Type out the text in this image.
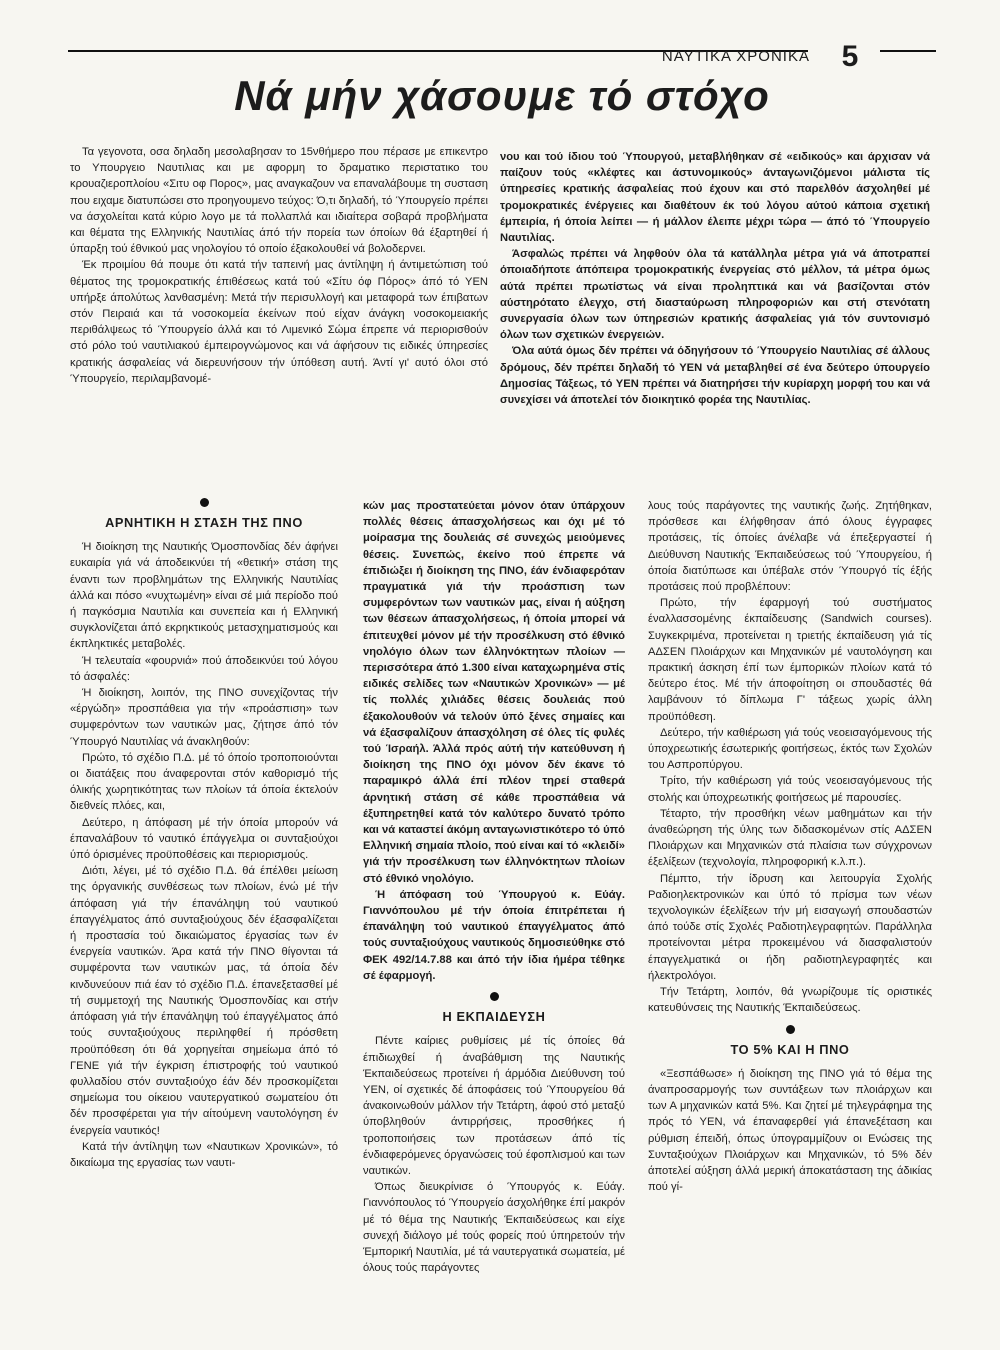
ΝΑΥΤΙΚΑ ΧΡΟΝΙΚΑ	5
Νά μήν χάσουμε τό στόχο

Τα γεγονοτα, οσα δηλαδη μεσολαβησαν το 15νθήμερο που πέρασε με επικεντρο το Υπουργειο Ναυτιλιας και με αφορμη το δραματικο περιστατικο του κρουαζιεροπλοίου «Σιτυ οφ Πορος», μας αναγκαζουν να επαναλάβουμε τη συσταση που ειχαμε διατυπώσει στο προηγουμενο τεύχος: Ό,τι δηλαδή, τό Ύπουργείο πρέπει να άσχολείται κατά κύριο λογο με τά πολλαπλά και ιδιαίτερα σοβαρά προβλήματα και θέματα της Ελληνικής Ναυτιλίας άπό τήν πορεία των όποίων θά έξαρτηθεί ή ύπαρξη τού έθνικού μας νηολογίου τό οποίο έξακολουθεί νά βολοδερνει.

Έκ προιμίου θά πουμε ότι κατά τήν ταπεινή μας άντίληψη ή άντιμετώπιση τού θέματος της τρομοκρατικής έπιθέσεως κατά τού «Σίτυ όφ Πόρος» άπό τό ΥΕΝ υπήρξε άπολύτως λανθασμένη: Μετά τήν περισυλλογή και μεταφορά των έπιβατων στόν Πειραιά και τά νοσοκομεία έκείνων πού είχαν άνάγκη νοσοκομειακής περιθάλψεως τό Ύπουργείο άλλά και τό Λιμενικό Σώμα έπρεπε νά περιορισθούν στό ρόλο τού ναυτιλιακού έμπειρογνώμονος και νά άφήσουν τις ειδικές ύπηρεσίες κρατικής άσφαλείας νά διερευνήσουν τήν ύπόθεση αυτή. Άντί γι' αυτό όλοι στό Ύπουργείο, περιλαμβανομέ-

νου και τού ίδιου τού Ύπουργού, μεταβλήθηκαν σέ «ειδικούς» και άρχισαν νά παίζουν τούς «κλέφτες και άστυνομικούς» άνταγωνιζόμενοι μάλιστα τίς ύπηρεσίες κρατικής άσφαλείας πού έχουν και στό παρελθόν άσχοληθεί μέ τρομοκρατικές ένέργειες και διαθέτουν έκ τού λόγου αύτού κάποια σχετική έμπειρία, ή όποία λείπει — ή μάλλον έλειπε μέχρι τώρα — άπό τό Ύπουργείο Ναυτιλίας.

Άσφαλώς πρέπει νά ληφθούν όλα τά κατάλληλα μέτρα γιά νά άποτραπεί όποιαδήποτε άπόπειρα τρομοκρατικής ένεργείας στό μέλλον, τά μέτρα όμως αύτά πρέπει πρωτίστως νά είναι προληπτικά και νά βασίζονται στόν αύστηρότατο έλεγχο, στή διασταύρωση πληροφοριών και στή στενότατη συνεργασία όλων των ύπηρεσιών κρατικής άσφαλείας γιά τόν συντονισμό όλων των σχετικών ένεργειών.

Όλα αύτά όμως δέν πρέπει νά όδηγήσουν τό Ύπουργείο Ναυτιλίας σέ άλλους δρόμους, δέν πρέπει δηλαδή τό ΥΕΝ νά μεταβληθεί σέ ένα δεύτερο ύπουργείο Δημοσίας Τάξεως, τό ΥΕΝ πρέπει νά διατηρήσει τήν κυρίαρχη μορφή του και νά συνεχίσει νά άποτελεί τόν διοικητικό φορέα της Ναυτιλίας.

ΑΡΝΗΤΙΚΗ Η ΣΤΑΣΗ ΤΗΣ ΠΝΟ

Ή διοίκηση της Ναυτικής Όμοσπονδίας δέν άφήνει ευκαιρία γιά νά άποδεικνύει τή «θετική» στάση της έναντι των προβλημάτων της Ελληνικής Ναυτιλίας άλλά και πόσο «νυχτωμένη» είναι σέ μιά περίοδο πού ή παγκόσμια Ναυτιλία και συνεπεία και ή Ελληνική συγκλονίζεται άπό εκρηκτικούς μετασχηματισμούς και έκπληκτικές μεταβολές.

Ή τελευταία «φουρνιά» πού άποδεικνύει τού λόγου τό άσφαλές:

Ή διοίκηση, λοιπόν, της ΠΝΟ συνεχίζοντας τήν «έργώδη» προσπάθεια για τήν «προάσπιση» των συμφερόντων των ναυτικών μας, ζήτησε άπό τόν Ύπουργό Ναυτιλίας νά άνακληθούν:

Πρώτο, τό σχέδιο Π.Δ. μέ τό όποίο τροποποιούνται οι διατάξεις που άναφερονται στόν καθορισμό τής όλικής χωρητικότητας των πλοίων τά όποία έκτελούν διεθνείς πλόες, και,

Δεύτερο, η άπόφαση μέ τήν όποία μπορούν νά έπαναλάβουν τό ναυτικό έπάγγελμα οι συνταξιούχοι ύπό όρισμένες προϋποθέσεις και περιορισμούς.

Διότι, λέγει, μέ τό σχέδιο Π.Δ. θά έπέλθει μείωση της όργανικής συνθέσεως των πλοίων, ένώ μέ τήν άπόφαση γιά τήν έπανάληψη τού ναυτικού έπαγγέλματος άπό συνταξιούχους δέν έξασφαλίζεται ή προστασία τού δικαιώματος έργασίας των έν ένεργεία ναυτικών. Άρα κατά τήν ΠΝΟ θίγονται τά συμφέροντα των ναυτικών μας, τά όποία δέν κινδυνεύουν πιά έαν τό σχέδιο Π.Δ. έπανεξετασθεί μέ τή συμμετοχή της Ναυτικής Όμοσπονδίας και στήν άπόφαση γιά τήν έπανάληψη τού έπαγγέλματος άπό τούς συνταξιούχους περιληφθεί ή πρόσθετη προϋπόθεση ότι θά χορηγείται σημείωμα άπό τό ΓΕΝΕ γιά τήν έγκριση έπιστροφής τού ναυτικού φυλλαδίου στόν συνταξιούχο έάν δέν προσκομίζεται σημείωμα του οίκειου ναυτεργατικού σωματείου ότι δέν προσφέρεται για τήν αίτούμενη ναυτολόγηση έν ένεργεία ναυτικός!

Κατά τήν άντίληψη των «Ναυτικων Χρονικών», τό δικαίωμα της εργασίας των ναυτι-

κών μας προστατεύεται μόνον όταν ύπάρχουν πολλές θέσεις άπασχολήσεως και όχι μέ τό μοίρασμα της δουλειάς σέ συνεχώς μειούμενες θέσεις. Συνεπώς, έκείνο πού έπρεπε νά έπιδιώξει ή διοίκηση της ΠΝΟ, έάν ένδιαφερόταν πραγματικά γιά τήν προάσπιση των συμφερόντων των ναυτικών μας, είναι ή αύξηση των θέσεων άπασχολήσεως, ή όποία μπορεί νά έπιτευχθεί μόνον μέ τήν προσέλκυση στό έθνικό νηολόγιο όλων των έλληνόκτητων πλοίων — περισσότερα άπό 1.300 είναι καταχωρημένα στίς ειδικές σελίδες των «Ναυτικών Χρονικών» — μέ τίς πολλές χιλιάδες θέσεις δουλειάς πού έξακολουθούν νά τελούν ύπό ξένες σημαίες και νά έξασφαλίζουν άπασχόληση σέ όλες τίς φυλές τού Ίσραήλ. Άλλά πρός αύτή τήν κατεύθυνση ή διοίκηση της ΠΝΟ όχι μόνον δέν έκανε τό παραμικρό άλλά έπί πλέον τηρεί σταθερά άρνητική στάση σέ κάθε προσπάθεια νά έξυπηρετηθεί κατά τόν καλύτερο δυνατό τρόπο και νά καταστεί άκόμη ανταγωνιστικότερο τό ύπό Ελληνική σημαία πλοίο, πού είναι καί τό «κλειδί» γιά τήν προσέλκυση των έλληνόκτητων πλοίων στό έθνικό νηολόγιο.

Ή άπόφαση τού Ύπουργού κ. Εύάγ. Γιαννόπουλου μέ τήν όποία έπιτρέπεται ή έπανάληψη τού ναυτικού έπαγγέλματος άπό τούς συνταξιούχους ναυτικούς δημοσιεύθηκε στό ΦΕΚ 492/14.7.88 και άπό τήν ίδια ήμέρα τέθηκε σέ έφαρμογή.

Η ΕΚΠΑΙΔΕΥΣΗ

Πέντε καίριες ρυθμίσεις μέ τίς όποίες θά έπιδιωχθεί ή άναβάθμιση της Ναυτικής Έκπαιδεύσεως προτείνει ή άρμόδια Διεύθυνση τού ΥΕΝ, οί σχετικές δέ άποφάσεις τού Ύπουργείου θά άνακοινωθούν μάλλον τήν Τετάρτη, άφού στό μεταξύ ύποβληθούν άντιρρήσεις, προσθήκες ή τροποποιήσεις των προτάσεων άπό τίς ένδιαφερόμενες όργανώσεις τού έφοπλισμού και των ναυτικών.

Όπως διευκρίνισε ό Ύπουργός κ. Εύάγ. Γιαννόπουλος τό Ύπουργείο άσχολήθηκε έπί μακρόν μέ τό θέμα της Ναυτικής Έκπαιδεύσεως και είχε συνεχή διάλογο μέ τούς φορείς πού ύπηρετούν τήν Έμπορική Ναυτιλία, μέ τά ναυτεργατικά σωματεία, μέ όλους τούς παράγοντες

λους τούς παράγοντες της ναυτικής ζωής. Ζητήθηκαν, πρόσθεσε και έλήφθησαν άπό όλους έγγραφες προτάσεις, τίς όποίες άνέλαβε νά έπεξεργαστεί ή Διεύθυνση Ναυτικής Έκπαιδεύσεως τού Ύπουργείου, ή όποία διατύπωσε και ύπέβαλε στόν Ύπουργό τίς έξής προτάσεις πού προβλέπουν:

Πρώτο, τήν έφαρμογή τού συστήματος έναλλασσομένης έκπαίδευσης (Sandwich courses). Συγκεκριμένα, προτείνεται η τριετής έκπαίδευση γιά τίς ΑΔΣΕΝ Πλοιάρχων και Μηχανικών μέ ναυτολόγηση και πρακτική άσκηση έπί των έμπορικών πλοίων κατά τό δεύτερο έτος. Μέ τήν άποφοίτηση οι σπουδαστές θά λαμβάνουν τό δίπλωμα Γ' τάξεως χωρίς άλλη προϋπόθεση.

Δεύτερο, τήν καθιέρωση γιά τούς νεοεισαγόμενους τής ύποχρεωτικής έσωτερικής φοιτήσεως, έκτός των Σχολών του Ασπροπύργου.

Τρίτο, τήν καθιέρωση γιά τούς νεοεισαγόμενους τής στολής και ύποχρεωτικής φοιτήσεως μέ παρουσίες.

Τέταρτο, τήν προσθήκη νέων μαθημάτων και τήν άναθεώρηση τής ύλης των διδασκομένων στίς ΑΔΣΕΝ Πλοιάρχων και Μηχανικών στά πλαίσια των σύγχρονων έξελίξεων (τεχνολογία, πληροφορική κ.λ.π.).

Πέμπτο, τήν ίδρυση και λειτουργία Σχολής Ραδιοηλεκτρονικών και ύπό τό πρίσμα των νέων τεχνολογικών έξελίξεων τήν μή εισαγωγή σπουδαστών άπό τούδε στίς Σχολές Ραδιοτηλεγραφητών. Παράλληλα προτείνονται μέτρα προκειμένου νά διασφαλιστούν έπαγγελματικά οι ήδη ραδιοτηλεγραφητές και ήλεκτρολόγοι.

Τήν Τετάρτη, λοιπόν, θά γνωρίζουμε τίς οριστικές κατευθύνσεις της Ναυτικής Έκπαιδεύσεως.

ΤΟ 5% ΚΑΙ Η ΠΝΟ

«Ξεσπάθωσε» ή διοίκηση της ΠΝΟ γιά τό θέμα της άναπροσαρμογής των συντάξεων των πλοιάρχων και των Α μηχανικών κατά 5%. Και ζητεί μέ τηλεγράφημα της πρός τό ΥΕΝ, νά έπαναφερθεί γιά έπανεξέταση και ρύθμιση έπειδή, όπως ύπογραμμίζουν οι Ενώσεις της Συνταξιούχων Πλοιάρχων και Μηχανικών, τό 5% δέν άποτελεί αύξηση άλλά μερική άποκατάσταση της άδικίας πού γί-
